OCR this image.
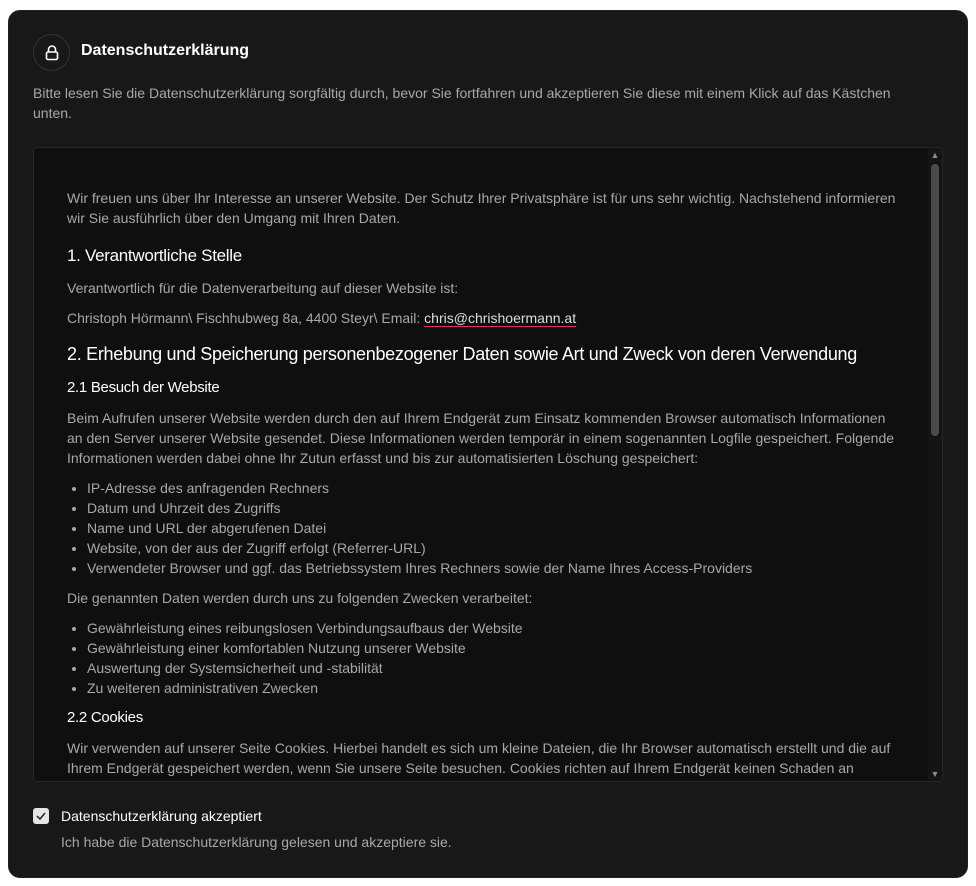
Datenschutzerklärung
Bitte lesen Sie die Datenschutzerklärung sorgfältig durch, bevor Sie fortfahren und akzeptieren Sie diese mit einem Klick auf das Kästchen unten.

Wir freuen uns über Ihr Interesse an unserer Website. Der Schutz Ihrer Privatsphäre ist für uns sehr wichtig. Nachstehend informieren wir Sie ausführlich über den Umgang mit Ihren Daten.

1. Verantwortliche Stelle

Verantwortlich für die Datenverarbeitung auf dieser Website ist:

Christoph Hörmann\ Fischhubweg 8a, 4400 Steyr\ Email: chris@chrishoermann.at

2. Erhebung und Speicherung personenbezogener Daten sowie Art und Zweck von deren Verwendung
2.1 Besuch der Website

Beim Aufrufen unserer Website werden durch den auf Ihrem Endgerät zum Einsatz kommenden Browser automatisch Informationen an den Server unserer Website gesendet. Diese Informationen werden temporär in einem sogenannten Logfile gespeichert. Folgende Informationen werden dabei ohne Ihr Zutun erfasst und bis zur automatisierten Löschung gespeichert:

• IP-Adresse des anfragenden Rechners
• Datum und Uhrzeit des Zugriffs
• Name und URL der abgerufenen Datei
• Website, von der aus der Zugriff erfolgt (Referrer-URL)
• Verwendeter Browser und ggf. das Betriebssystem Ihres Rechners sowie der Name Ihres Access-Providers

Die genannten Daten werden durch uns zu folgenden Zwecken verarbeitet:

• Gewährleistung eines reibungslosen Verbindungsaufbaus der Website
• Gewährleistung einer komfortablen Nutzung unserer Website
• Auswertung der Systemsicherheit und -stabilität
• Zu weiteren administrativen Zwecken
2.2 Cookies

Wir verwenden auf unserer Seite Cookies. Hierbei handelt es sich um kleine Dateien, die Ihr Browser automatisch erstellt und die auf Ihrem Endgerät gespeichert werden, wenn Sie unsere Seite besuchen. Cookies richten auf Ihrem Endgerät keinen Schaden an

▲
▼
Datenschutzerklärung akzeptiert
Ich habe die Datenschutzerklärung gelesen und akzeptiere sie.
